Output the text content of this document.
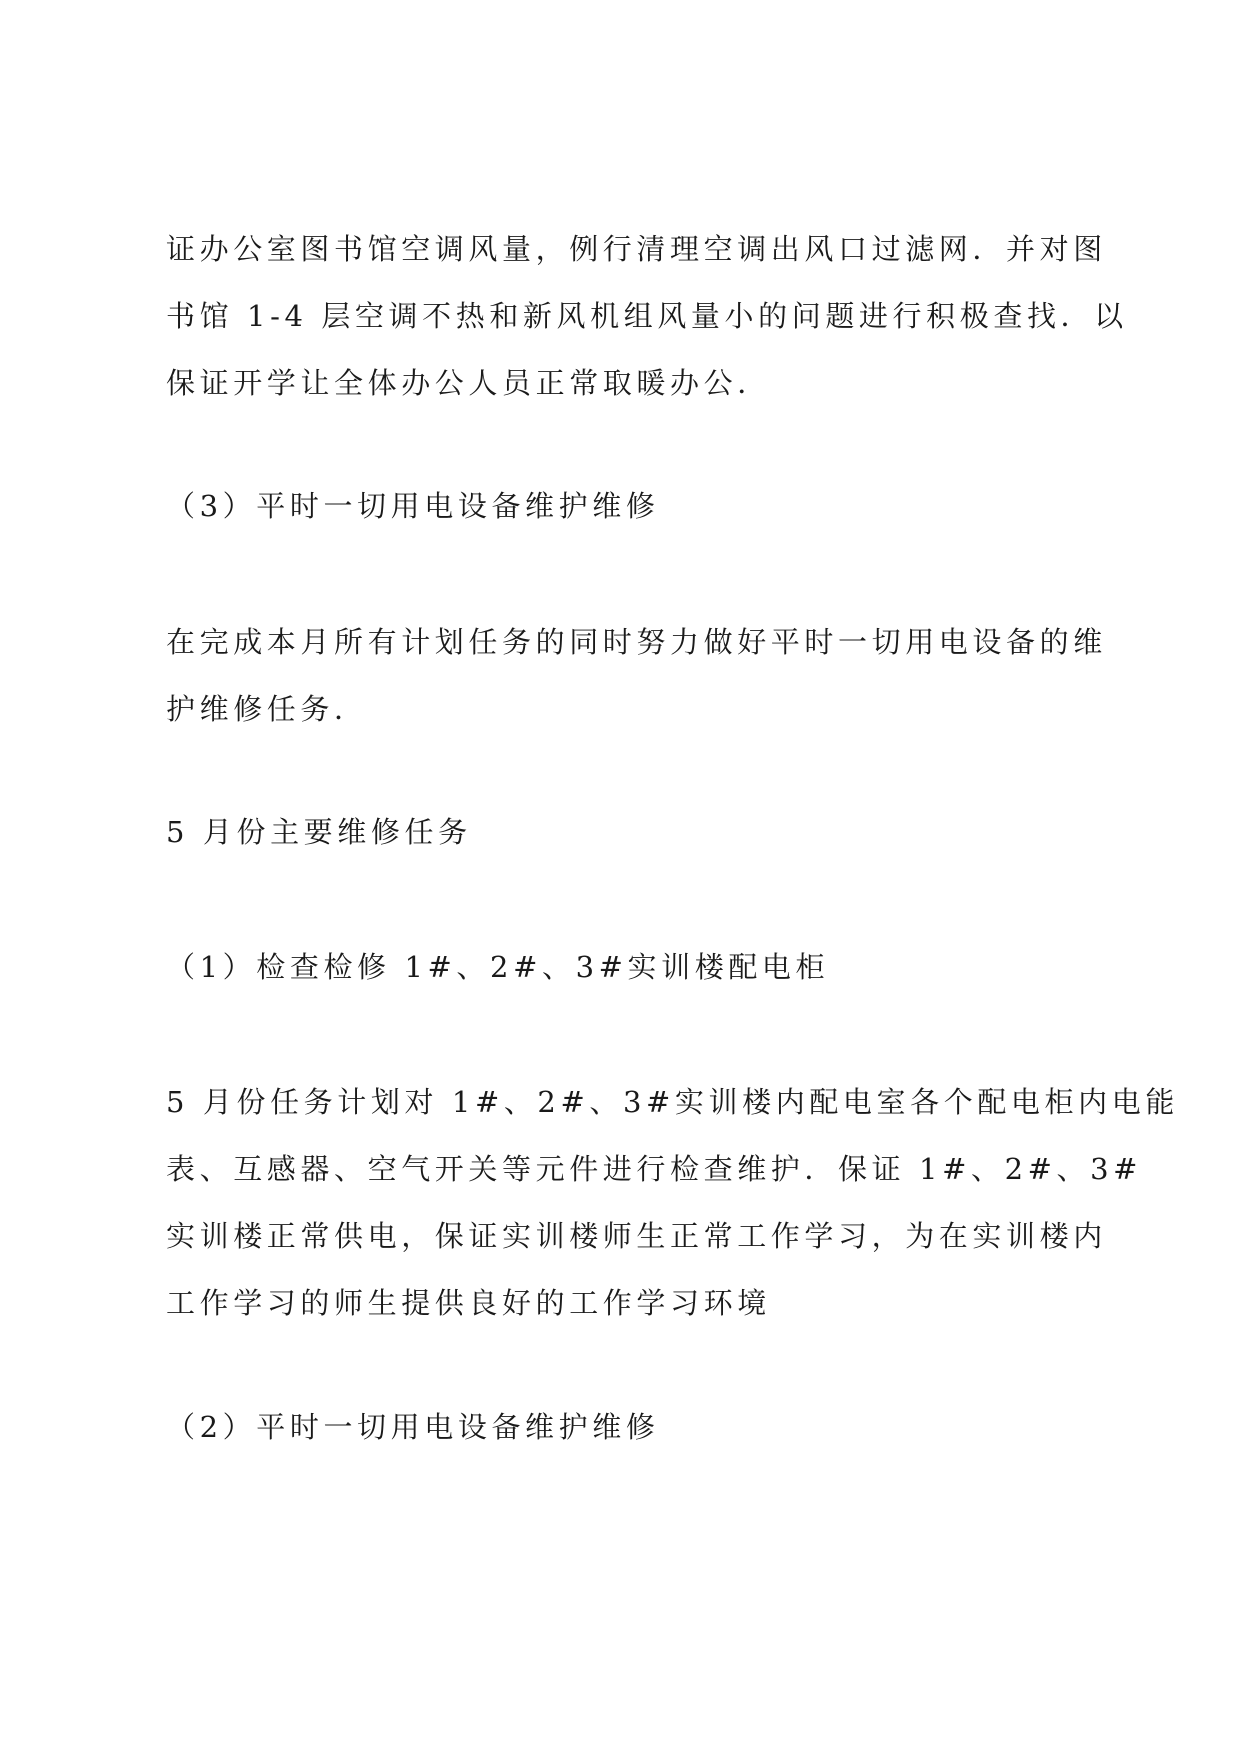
证办公室图书馆空调风量，例行清理空调出风口过滤网．并对图
书馆 1-4 层空调不热和新风机组风量小的问题进行积极查找．以
保证开学让全体办公人员正常取暖办公．
（3）平时一切用电设备维护维修
在完成本月所有计划任务的同时努力做好平时一切用电设备的维
护维修任务．
5 月份主要维修任务
（1）检查检修 1#、2#、3#实训楼配电柜
5 月份任务计划对 1#、2#、3#实训楼内配电室各个配电柜内电能
表、互感器、空气开关等元件进行检查维护．保证 1#、2#、3#
实训楼正常供电，保证实训楼师生正常工作学习，为在实训楼内
工作学习的师生提供良好的工作学习环境
（2）平时一切用电设备维护维修
